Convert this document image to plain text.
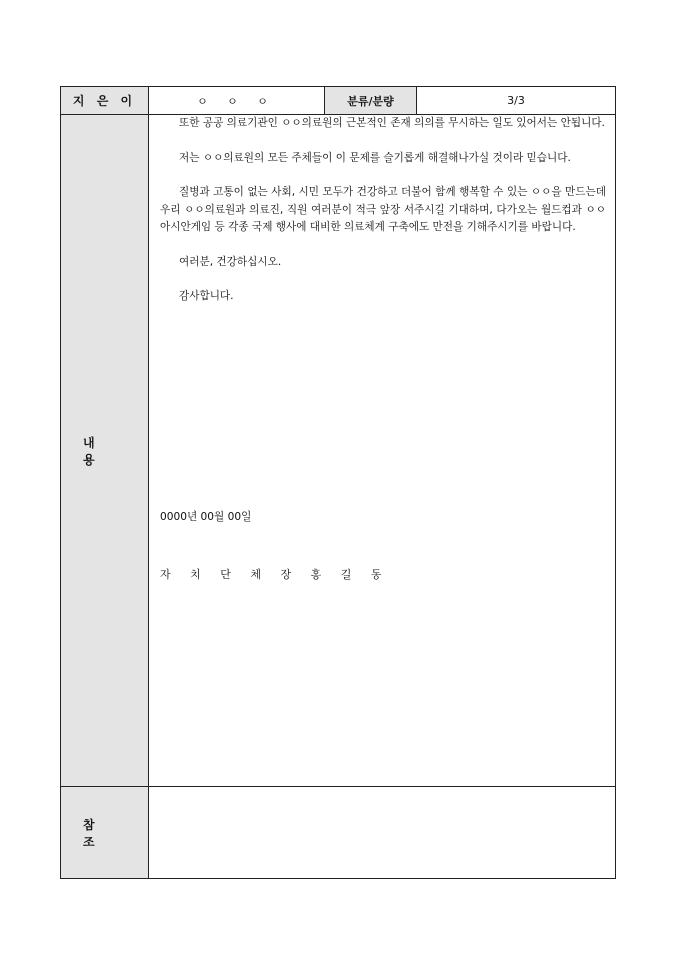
지 은 이	ㅇ ㅇ ㅇ	분류/분량	3/3
내 용

또한 공공 의료기관인 ㅇㅇ의료원의 근본적인 존재 의의를 무시하는 일도 있어서는 안됩니다.

저는 ㅇㅇ의료원의 모든 주체들이 이 문제를 슬기롭게 해결해나가실 것이라 믿습니다.

질병과 고통이 없는 사회, 시민 모두가 건강하고 더불어 함께 행복할 수 있는 ㅇㅇ을 만드는데 우리 ㅇㅇ의료원과 의료진, 직원 여러분이 적극 앞장 서주시길 기대하며, 다가오는 월드컵과 ㅇㅇ아시안게임 등 각종 국제 행사에 대비한 의료체계 구축에도 만전을 기해주시기를 바랍니다.

여러분, 건강하십시오.

감사합니다.

0000년 00월 00일
자 치 단 체 장 홍 길 동
참 조
